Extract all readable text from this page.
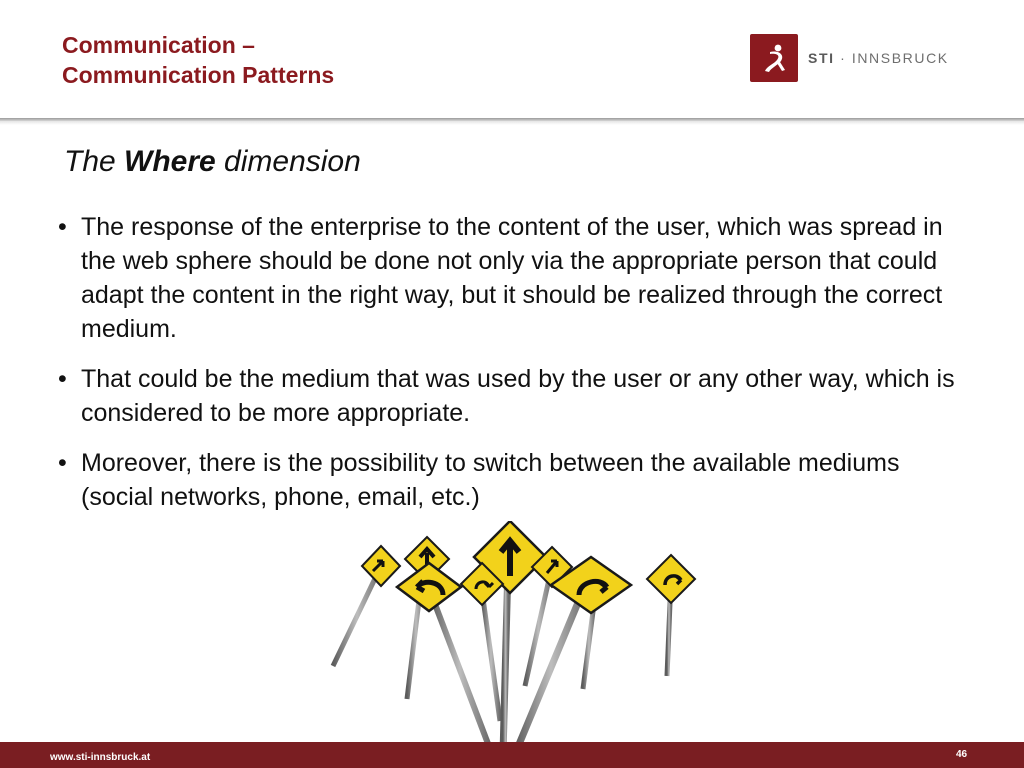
Communication –
Communication Patterns
STI · INNSBRUCK
The Where dimension
• The response of the enterprise to the content of the user, which was spread in the web sphere should be done not only via the appropriate person that could adapt the content in the right way, but it should be realized through the correct medium.
• That could be the medium that was used by the user or any other way, which is considered to be more appropriate.
• Moreover, there is the possibility to switch between the available mediums (social networks, phone, email, etc.)
www.sti-innsbruck.at	46
